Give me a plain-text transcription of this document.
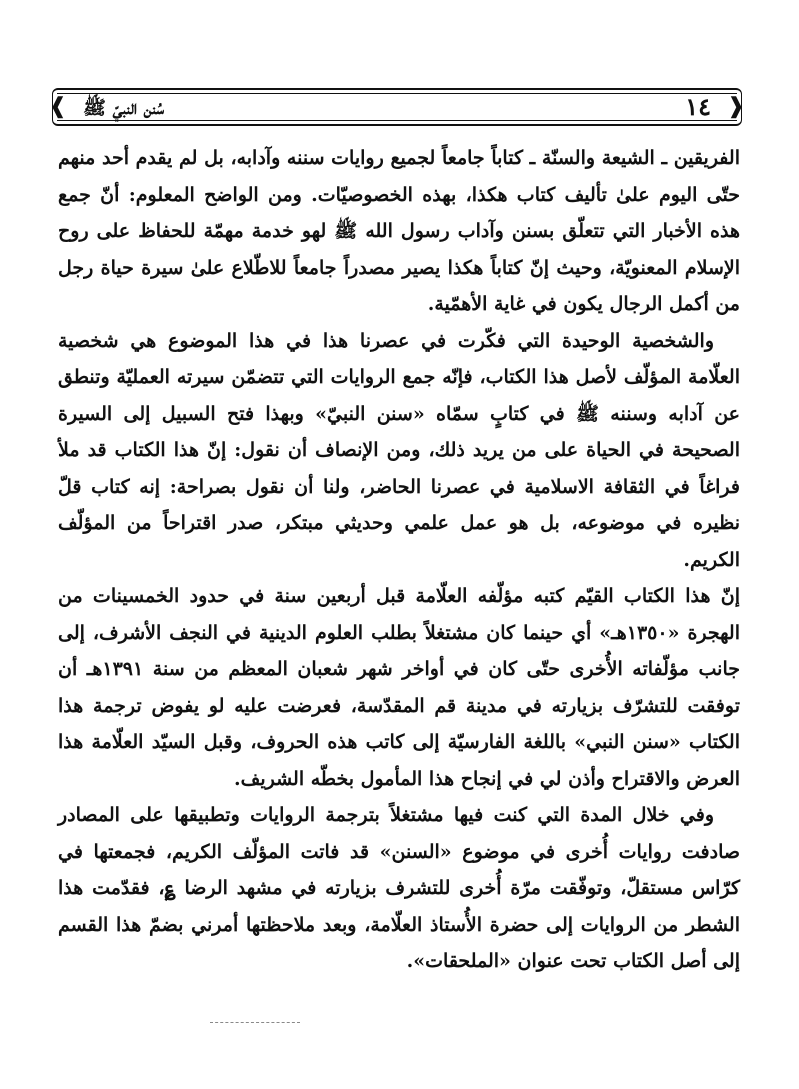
❰	❱
سُنن النبيّ ﷺ	١٤

الفريقين ـ الشيعة والسنّة ـ كتاباً جامعاً لجميع روايات سننه وآدابه، بل لم يقدم أحد منهم حتّى اليوم علىٰ تأليف كتاب هكذا، بهذه الخصوصيّات. ومن الواضح المعلوم: أنّ جمع هذه الأخبار التي تتعلّق بسنن وآداب رسول الله ﷺ لهو خدمة مهمّة للحفاظ على روح الإسلام المعنويّة، وحيث إنّ كتاباً هكذا يصير مصدراً جامعاً للاطّلاع علىٰ سيرة حياة رجل من أكمل الرجال يكون في غاية الأهمّية.

والشخصية الوحيدة التي فكّرت في عصرنا هذا في هذا الموضوع هي شخصية العلّامة المؤلّف لأصل هذا الكتاب، فإنّه جمع الروايات التي تتضمّن سيرته العمليّة وتنطق عن آدابه وسننه ﷺ في كتابٍ سمّاه «سنن النبيّ» وبهذا فتح السبيل إلى السيرة الصحيحة في الحياة على من يريد ذلك، ومن الإنصاف أن نقول: إنّ هذا الكتاب قد ملأ فراغاً في الثقافة الاسلامية في عصرنا الحاضر، ولنا أن نقول بصراحة: إنه كتاب قلّ نظيره في موضوعه، بل هو عمل علمي وحديثي مبتكر، صدر اقتراحاً من المؤلّف الكريم.

إنّ هذا الكتاب القيّم كتبه مؤلّفه العلّامة قبل أربعين سنة في حدود الخمسينات من الهجرة «١٣٥٠هـ» أي حينما كان مشتغلاً بطلب العلوم الدينية في النجف الأشرف، إلى جانب مؤلّفاته الأُخرى حتّى كان في أواخر شهر شعبان المعظم من سنة ١٣٩١هـ أن توفقت للتشرّف بزيارته في مدينة قم المقدّسة، فعرضت عليه لو يفوض ترجمة هذا الكتاب «سنن النبي» باللغة الفارسيّة إلى كاتب هذه الحروف، وقبل السيّد العلّامة هذا العرض والاقتراح وأذن لي في إنجاح هذا المأمول بخطّه الشريف.

وفي خلال المدة التي كنت فيها مشتغلاً بترجمة الروايات وتطبيقها على المصادر صادفت روايات أُخرى في موضوع «السنن» قد فاتت المؤلّف الكريم، فجمعتها في كرّاس مستقلّ، وتوفّقت مرّة أُخرى للتشرف بزيارته في مشهد الرضا ؏، فقدّمت هذا الشطر من الروايات إلى حضرة الأُستاذ العلّامة، وبعد ملاحظتها أمرني بضمّ هذا القسم إلى أصل الكتاب تحت عنوان «الملحقات».
